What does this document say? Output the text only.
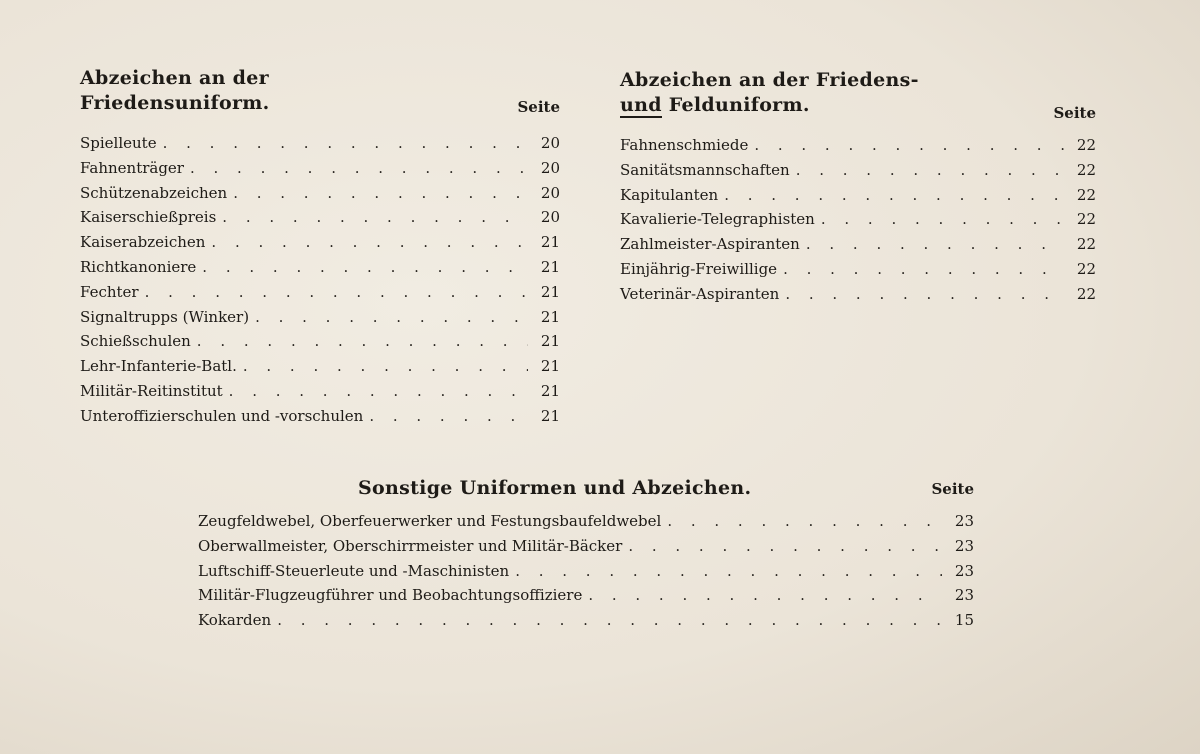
Abzeichen an der
Friedensuniform.	Seite
Spielleute . . .	20
Fahnenträger . . .	20
Schützenabzeichen . . .	20
Kaiserschießpreis . . .	20
Kaiserabzeichen . . .	21
Richtkanoniere . . .	21
Fechter . . .	21
Signaltrupps (Winker) . . .	21
Schießschulen . . .	21
Lehr-Infanterie-Batl. . . .	21
Militär-Reitinstitut . . .	21
Unteroffizierschulen und -vorschulen . . .	21
Abzeichen an der Friedens-
und Felduniform.	Seite
Fahnenschmiede . . .	22
Sanitätsmannschaften . . .	22
Kapitulanten . . .	22
Kavalierie-Telegraphisten . . .	22
Zahlmeister-Aspiranten . . .	22
Einjährig-Freiwillige . . .	22
Veterinär-Aspiranten . . .	22
Sonstige Uniformen und Abzeichen.	Seite
Zeugfeldwebel, Oberfeuerwerker und Festungsbaufeldwebel . . .	23
Oberwallmeister, Oberschirrmeister und Militär-Bäcker . . .	23
Luftschiff-Steuerleute und -Maschinisten . . .	23
Militär-Flugzeugführer und Beobachtungsoffiziere . . .	23
Kokarden . . .	15
